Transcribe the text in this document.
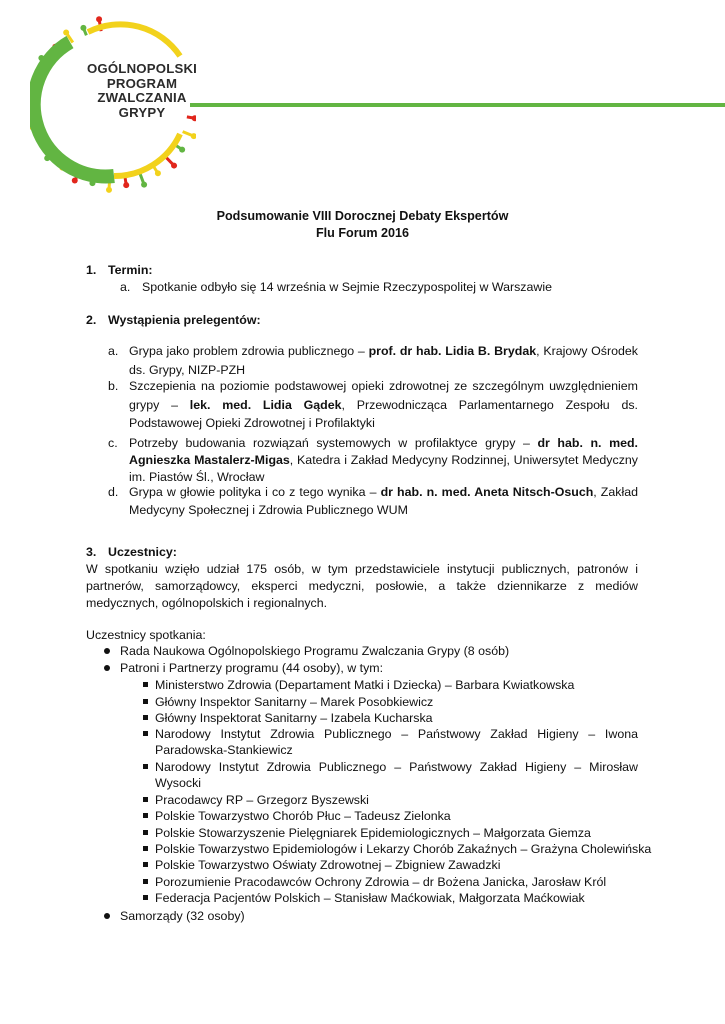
OGÓLNOPOLSKI
PROGRAM
ZWALCZANIA
GRYPY
Podsumowanie VIII Dorocznej Debaty Ekspertów
Flu Forum 2016
1. Termin:
a. Spotkanie odbyło się 14 września w Sejmie Rzeczypospolitej w Warszawie
2. Wystąpienia prelegentów:
a. Grypa jako problem zdrowia publicznego – prof. dr hab. Lidia B. Brydak, Krajowy Ośrodek ds. Grypy, NIZP-PZH
b. Szczepienia na poziomie podstawowej opieki zdrowotnej ze szczególnym uwzględnieniem grypy – lek. med. Lidia Gądek, Przewodnicząca Parlamentarnego Zespołu ds. Podstawowej Opieki Zdrowotnej i Profilaktyki
c. Potrzeby budowania rozwiązań systemowych w profilaktyce grypy – dr hab. n. med. Agnieszka Mastalerz-Migas, Katedra i Zakład Medycyny Rodzinnej, Uniwersytet Medyczny im. Piastów Śl., Wrocław
d. Grypa w głowie polityka i co z tego wynika – dr hab. n. med. Aneta Nitsch-Osuch, Zakład Medycyny Społecznej i Zdrowia Publicznego WUM
3. Uczestnicy:
W spotkaniu wzięło udział 175 osób, w tym przedstawiciele instytucji publicznych, patronów i partnerów, samorządowcy, eksperci medyczni, posłowie, a także dziennikarze z mediów medycznych, ogólnopolskich i regionalnych.
Uczestnicy spotkania:
Rada Naukowa Ogólnopolskiego Programu Zwalczania Grypy (8 osób)
Patroni i Partnerzy programu (44 osoby), w tym:
Ministerstwo Zdrowia (Departament Matki i Dziecka) – Barbara Kwiatkowska
Główny Inspektor Sanitarny – Marek Posobkiewicz
Główny Inspektorat Sanitarny – Izabela Kucharska
Narodowy Instytut Zdrowia Publicznego – Państwowy Zakład Higieny – Iwona Paradowska-Stankiewicz
Narodowy Instytut Zdrowia Publicznego – Państwowy Zakład Higieny – Mirosław Wysocki
Pracodawcy RP – Grzegorz Byszewski
Polskie Towarzystwo Chorób Płuc – Tadeusz Zielonka
Polskie Stowarzyszenie Pielęgniarek Epidemiologicznych – Małgorzata Giemza
Polskie Towarzystwo Epidemiologów i Lekarzy Chorób Zakaźnych – Grażyna Cholewińska
Polskie Towarzystwo Oświaty Zdrowotnej – Zbigniew Zawadzki
Porozumienie Pracodawców Ochrony Zdrowia – dr Bożena Janicka, Jarosław Król
Federacja Pacjentów Polskich – Stanisław Maćkowiak, Małgorzata Maćkowiak
Samorządy (32 osoby)
